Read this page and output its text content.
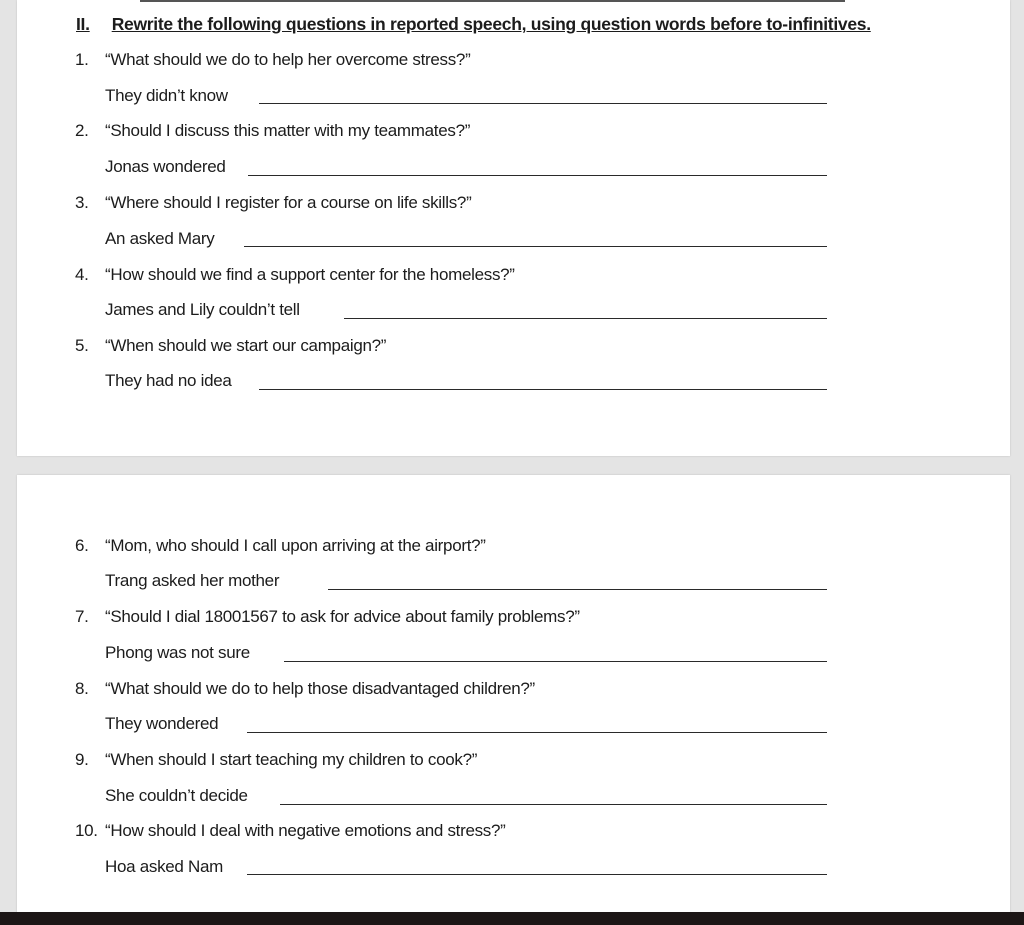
II. Rewrite the following questions in reported speech, using question words before to-infinitives.
1. “What should we do to help her overcome stress?”
They didn’t know
2. “Should I discuss this matter with my teammates?”
Jonas wondered
3. “Where should I register for a course on life skills?”
An asked Mary
4. “How should we find a support center for the homeless?”
James and Lily couldn’t tell
5. “When should we start our campaign?”
They had no idea
6. “Mom, who should I call upon arriving at the airport?”
Trang asked her mother
7. “Should I dial 18001567 to ask for advice about family problems?”
Phong was not sure
8. “What should we do to help those disadvantaged children?”
They wondered
9. “When should I start teaching my children to cook?”
She couldn’t decide
10. “How should I deal with negative emotions and stress?”
Hoa asked Nam
